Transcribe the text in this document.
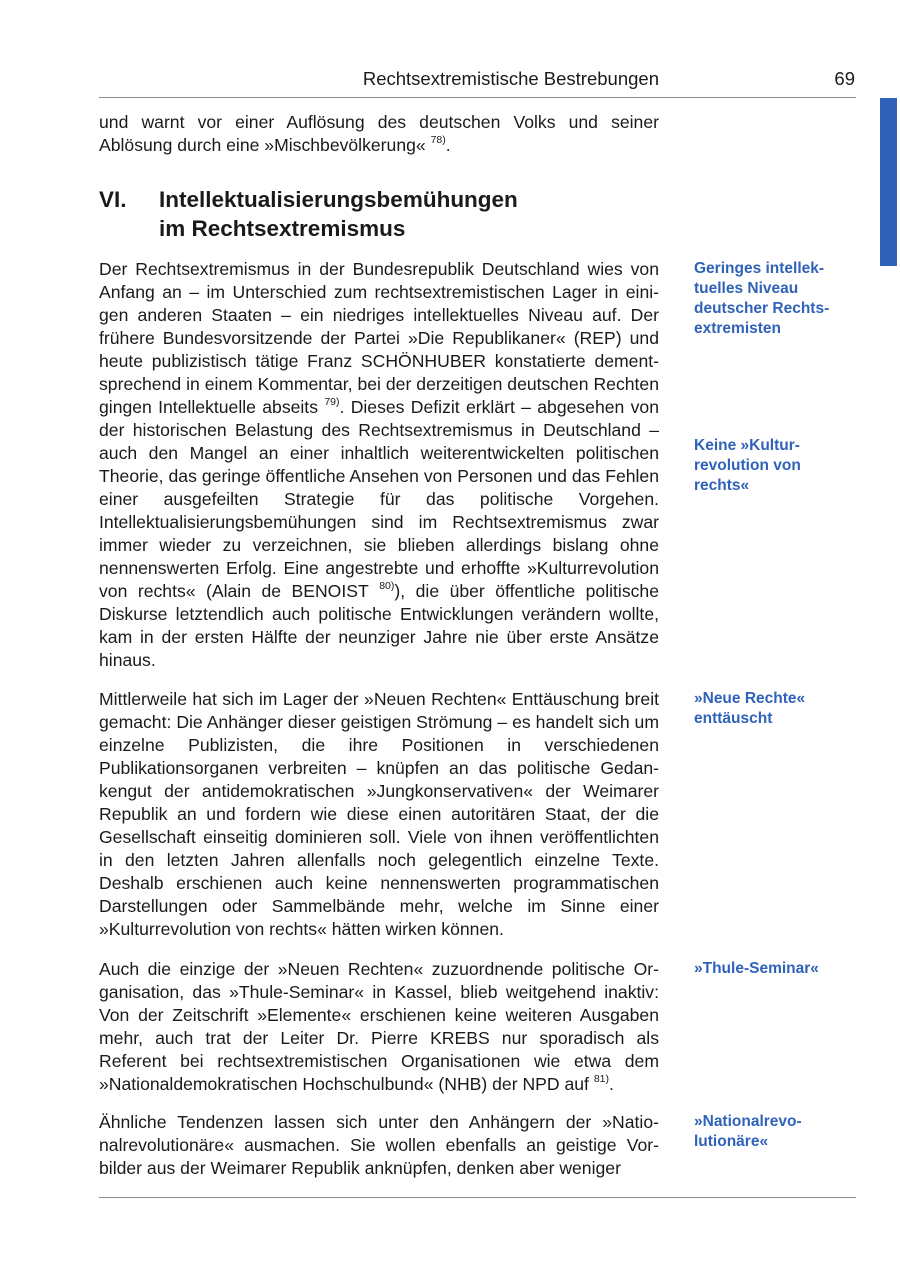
Rechtsextremistische Bestrebungen	69

und warnt vor einer Auflösung des deutschen Volks und seiner Ablösung durch eine »Mischbevölkerung« $^{78)}$.

VI. Intellektualisierungsbemühungen
im Rechtsextremismus

Der Rechtsextremismus in der Bundesrepublik Deutschland wies von Anfang an – im Unterschied zum rechtsextremistischen Lager in einigen anderen Staaten – ein niedriges intellektuelles Niveau auf. Der frühere Bundesvorsitzende der Partei »Die Republikaner« (REP) und heute publizistisch tätige Franz SCHÖNHUBER konstatierte dementsprechend in einem Kommentar, bei der derzeitigen deutschen Rechten gingen Intellektuelle abseits $^{79)}$. Dieses Defizit erklärt – abgesehen von der historischen Belastung des Rechtsextremismus in Deutschland – auch den Mangel an einer inhaltlich weiterentwickelten politischen Theorie, das geringe öffentliche Ansehen von Personen und das Fehlen einer ausgefeilten Strategie für das politische Vorgehen. Intellektualisierungsbemühungen sind im Rechtsextremismus zwar immer wieder zu verzeichnen, sie blieben allerdings bislang ohne nennenswerten Erfolg. Eine angestrebte und erhoffte »Kulturrevolution von rechts« (Alain de BENOIST $^{80)}$), die über öffentliche politische Diskurse letztendlich auch politische Entwicklungen verändern wollte, kam in der ersten Hälfte der neunziger Jahre nie über erste Ansätze hinaus.

Mittlerweile hat sich im Lager der »Neuen Rechten« Enttäuschung breit gemacht: Die Anhänger dieser geistigen Strömung – es handelt sich um einzelne Publizisten, die ihre Positionen in verschiedenen Publikationsorganen verbreiten – knüpfen an das politische Gedankengut der antidemokratischen »Jungkonservativen« der Weimarer Republik an und fordern wie diese einen autoritären Staat, der die Gesellschaft einseitig dominieren soll. Viele von ihnen veröffentlichten in den letzten Jahren allenfalls noch gelegentlich einzelne Texte. Deshalb erschienen auch keine nennenswerten programmatischen Darstellungen oder Sammelbände mehr, welche im Sinne einer »Kulturrevolution von rechts« hätten wirken können.

Auch die einzige der »Neuen Rechten« zuzuordnende politische Organisation, das »Thule-Seminar« in Kassel, blieb weitgehend inaktiv: Von der Zeitschrift »Elemente« erschienen keine weiteren Ausgaben mehr, auch trat der Leiter Dr. Pierre KREBS nur sporadisch als Referent bei rechtsextremistischen Organisationen wie etwa dem »Nationaldemokratischen Hochschulbund« (NHB) der NPD auf $^{81)}$.

Ähnliche Tendenzen lassen sich unter den Anhängern der »Nationalrevolutionäre« ausmachen. Sie wollen ebenfalls an geistige Vorbilder aus der Weimarer Republik anknüpfen, denken aber weniger

Geringes intellek-
tuelles Niveau
deutscher Rechts-
extremisten

Keine »Kultur-
revolution von
rechts«

»Neue Rechte«
enttäuscht

»Thule-Seminar«

»Nationalrevo-
lutionäre«
